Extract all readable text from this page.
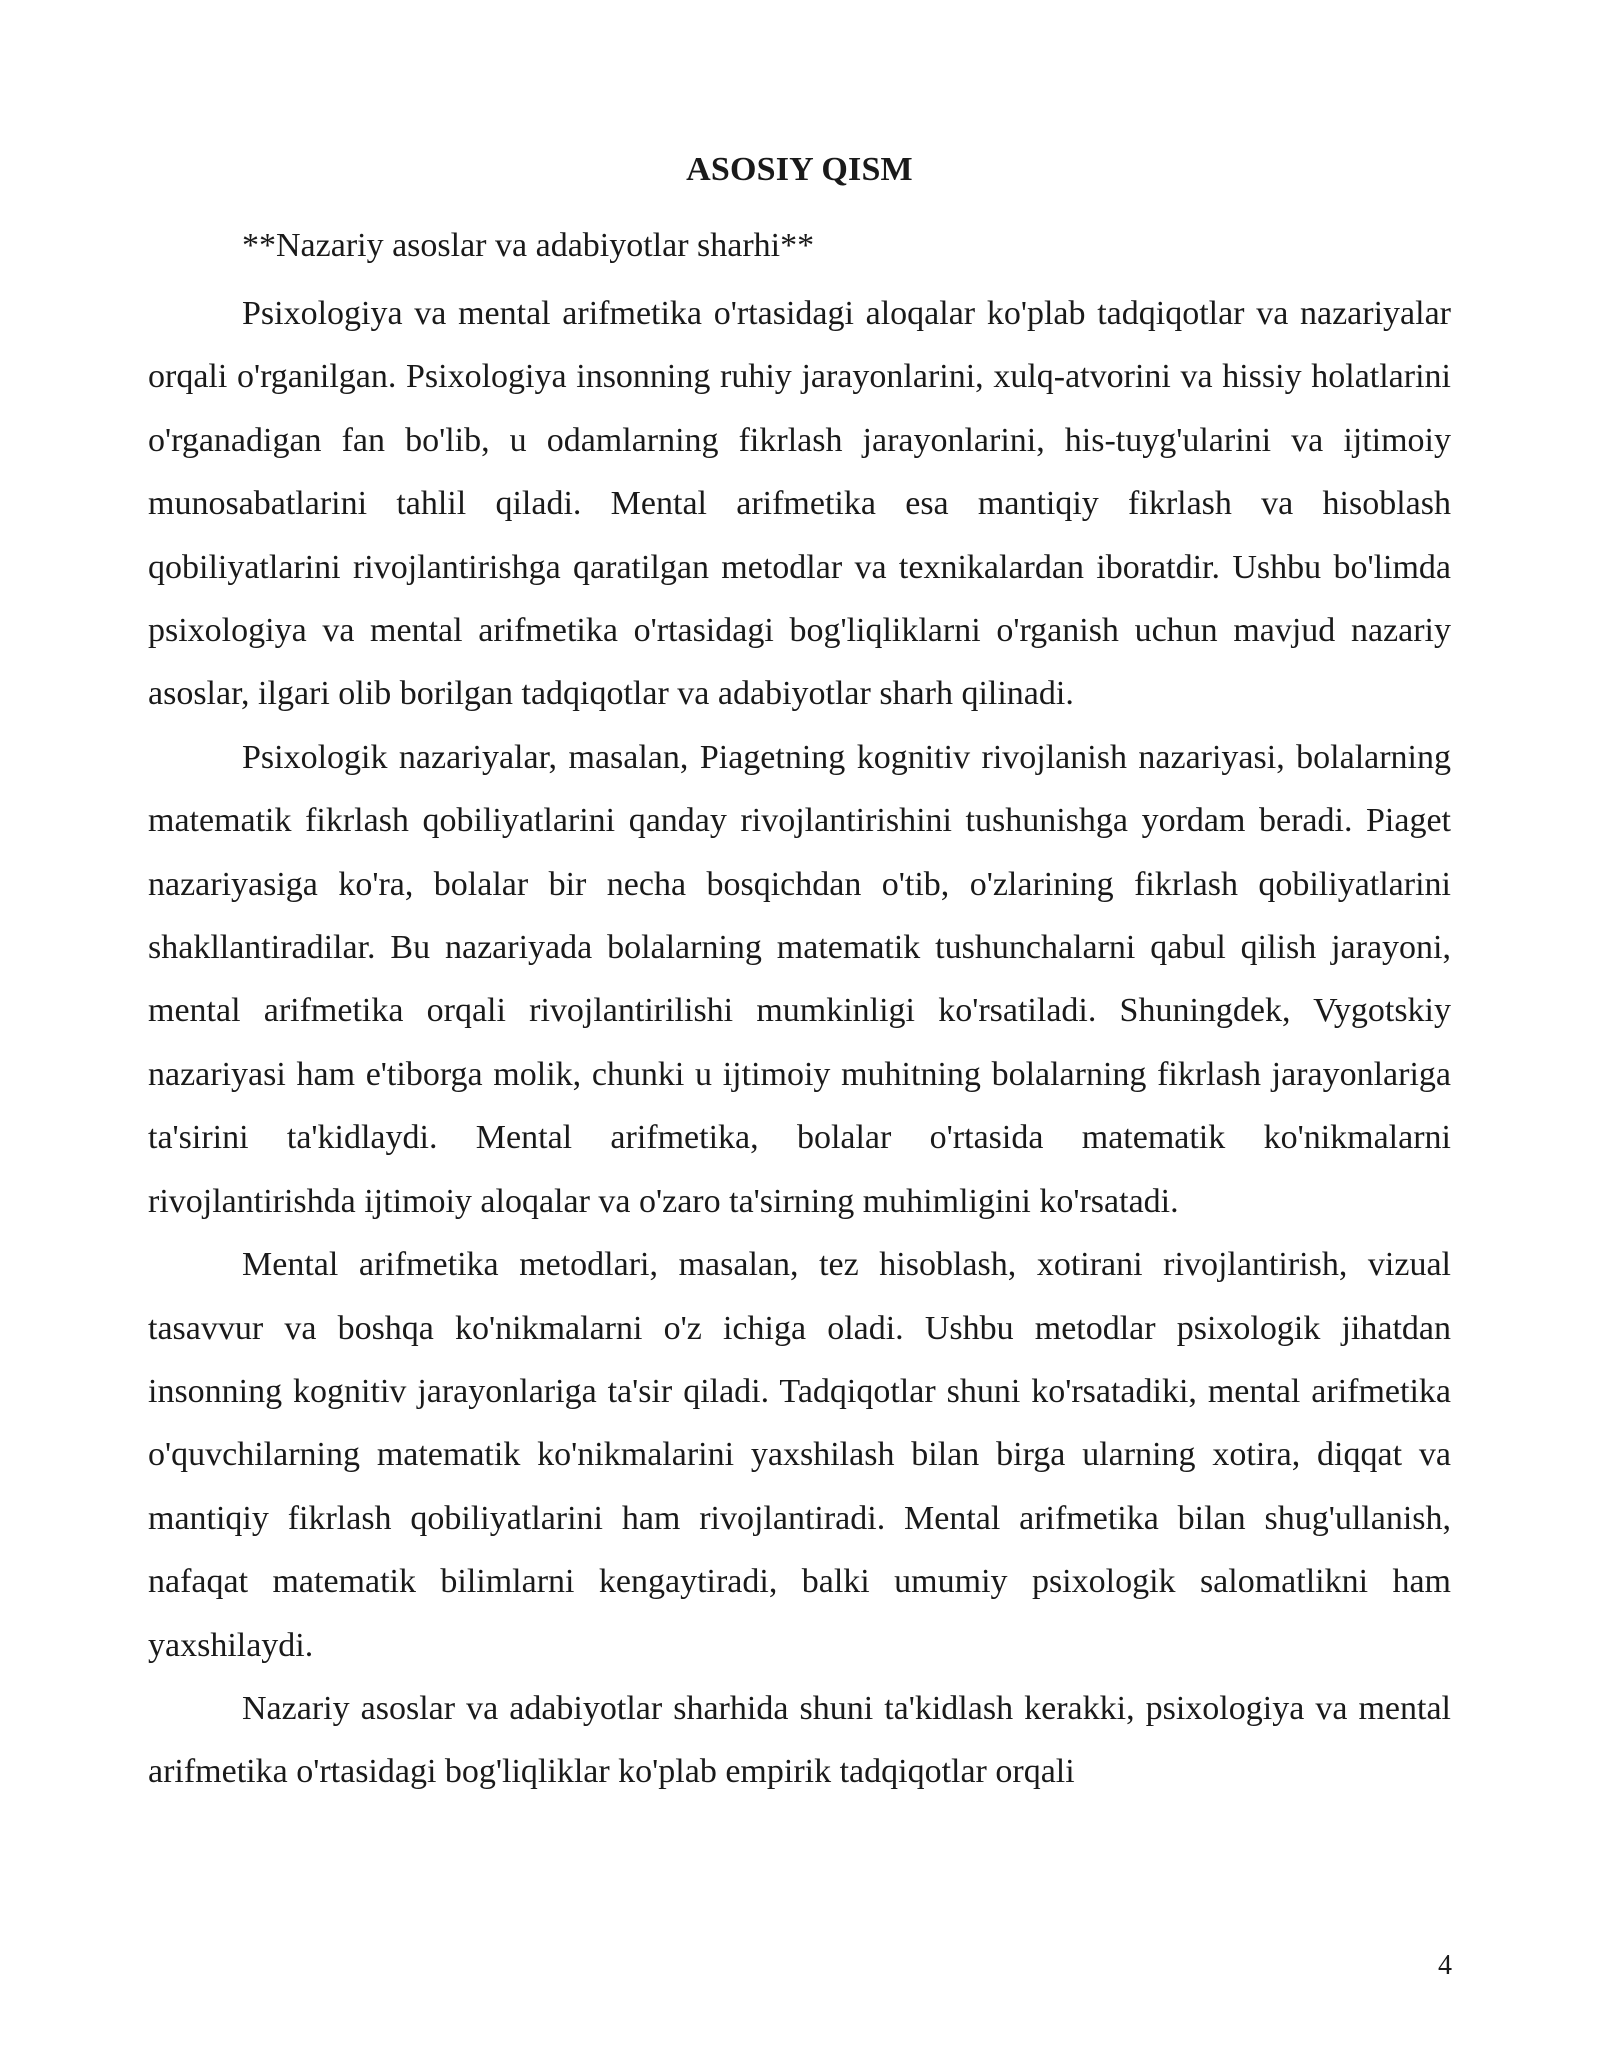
ASOSIY QISM

**Nazariy asoslar va adabiyotlar sharhi**

Psixologiya va mental arifmetika o'rtasidagi aloqalar ko'plab tadqiqotlar va nazariyalar orqali o'rganilgan. Psixologiya insonning ruhiy jarayonlarini, xulq-atvorini va hissiy holatlarini o'rganadigan fan bo'lib, u odamlarning fikrlash jarayonlarini, his-tuyg'ularini va ijtimoiy munosabatlarini tahlil qiladi. Mental arifmetika esa mantiqiy fikrlash va hisoblash qobiliyatlarini rivojlantirishga qaratilgan metodlar va texnikalardan iboratdir. Ushbu bo'limda psixologiya va mental arifmetika o'rtasidagi bog'liqliklarni o'rganish uchun mavjud nazariy asoslar, ilgari olib borilgan tadqiqotlar va adabiyotlar sharh qilinadi.

Psixologik nazariyalar, masalan, Piagetning kognitiv rivojlanish nazariyasi, bolalarning matematik fikrlash qobiliyatlarini qanday rivojlantirishini tushunishga yordam beradi. Piaget nazariyasiga ko'ra, bolalar bir necha bosqichdan o'tib, o'zlarining fikrlash qobiliyatlarini shakllantiradilar. Bu nazariyada bolalarning matematik tushunchalarni qabul qilish jarayoni, mental arifmetika orqali rivojlantirilishi mumkinligi ko'rsatiladi. Shuningdek, Vygotskiy nazariyasi ham e'tiborga molik, chunki u ijtimoiy muhitning bolalarning fikrlash jarayonlariga ta'sirini ta'kidlaydi. Mental arifmetika, bolalar o'rtasida matematik ko'nikmalarni rivojlantirishda ijtimoiy aloqalar va o'zaro ta'sirning muhimligini ko'rsatadi.

Mental arifmetika metodlari, masalan, tez hisoblash, xotirani rivojlantirish, vizual tasavvur va boshqa ko'nikmalarni o'z ichiga oladi. Ushbu metodlar psixologik jihatdan insonning kognitiv jarayonlariga ta'sir qiladi. Tadqiqotlar shuni ko'rsatadiki, mental arifmetika o'quvchilarning matematik ko'nikmalarini yaxshilash bilan birga ularning xotira, diqqat va mantiqiy fikrlash qobiliyatlarini ham rivojlantiradi. Mental arifmetika bilan shug'ullanish, nafaqat matematik bilimlarni kengaytiradi, balki umumiy psixologik salomatlikni ham yaxshilaydi.

Nazariy asoslar va adabiyotlar sharhida shuni ta'kidlash kerakki, psixologiya va mental arifmetika o'rtasidagi bog'liqliklar ko'plab empirik tadqiqotlar orqali

4
